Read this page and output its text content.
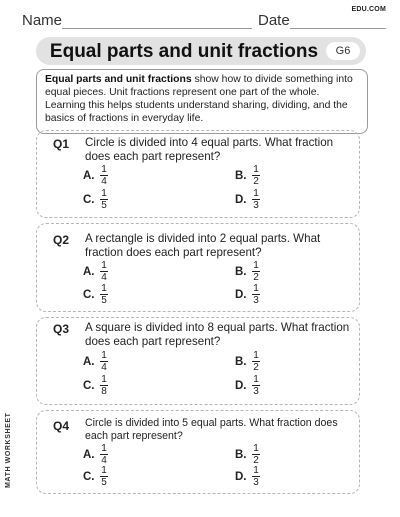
Name	Date
EDU.COM
Equal parts and unit fractions	G6
Equal parts and unit fractions show how to divide something into equal pieces. Unit fractions represent one part of the whole. Learning this helps students understand sharing, dividing, and the basics of fractions in everyday life.
Q1 Circle is divided into 4 equal parts. What fraction does each part represent?
A. $\frac{1}{4}$	B. $\frac{1}{2}$
C. $\frac{1}{5}$	D. $\frac{1}{3}$
Q2 A rectangle is divided into 2 equal parts. What fraction does each part represent?
A. $\frac{1}{4}$	B. $\frac{1}{2}$
C. $\frac{1}{5}$	D. $\frac{1}{3}$
Q3 A square is divided into 8 equal parts. What fraction does each part represent?
A. $\frac{1}{4}$	B. $\frac{1}{2}$
C. $\frac{1}{8}$	D. $\frac{1}{3}$
Q4 Circle is divided into 5 equal parts. What fraction does each part represent?
A. $\frac{1}{4}$	B. $\frac{1}{2}$
C. $\frac{1}{5}$	D. $\frac{1}{3}$
MATH WORKSHEET
